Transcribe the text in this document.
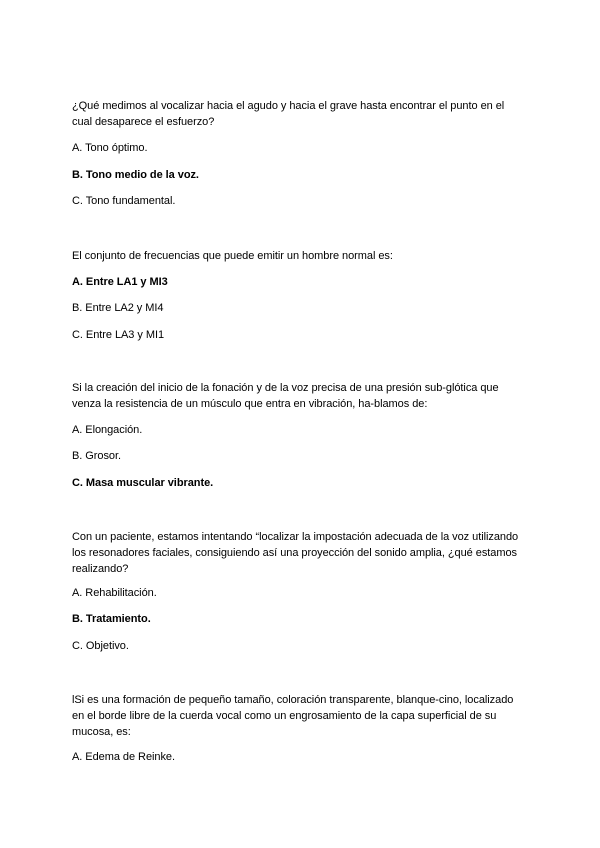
¿Qué medimos al vocalizar hacia el agudo y hacia el grave hasta encontrar el punto en el
cual desaparece el esfuerzo?
A. Tono óptimo.
B. Tono medio de la voz.
C. Tono fundamental.
El conjunto de frecuencias que puede emitir un hombre normal es:
A. Entre LA1 y MI3
B. Entre LA2 y MI4
C. Entre LA3 y MI1
Si la creación del inicio de la fonación y de la voz precisa de una presión sub-glótica que
venza la resistencia de un músculo que entra en vibración, ha-blamos de:
A. Elongación.
B. Grosor.
C. Masa muscular vibrante.
Con un paciente, estamos intentando “localizar la impostación adecuada de la voz utilizando
los resonadores faciales, consiguiendo así una proyección del sonido amplia, ¿qué estamos
realizando?
A. Rehabilitación.
B. Tratamiento.
C. Objetivo.
lSi es una formación de pequeño tamaño, coloración transparente, blanque-cino, localizado
en el borde libre de la cuerda vocal como un engrosamiento de la capa superficial de su
mucosa, es:
A. Edema de Reinke.
